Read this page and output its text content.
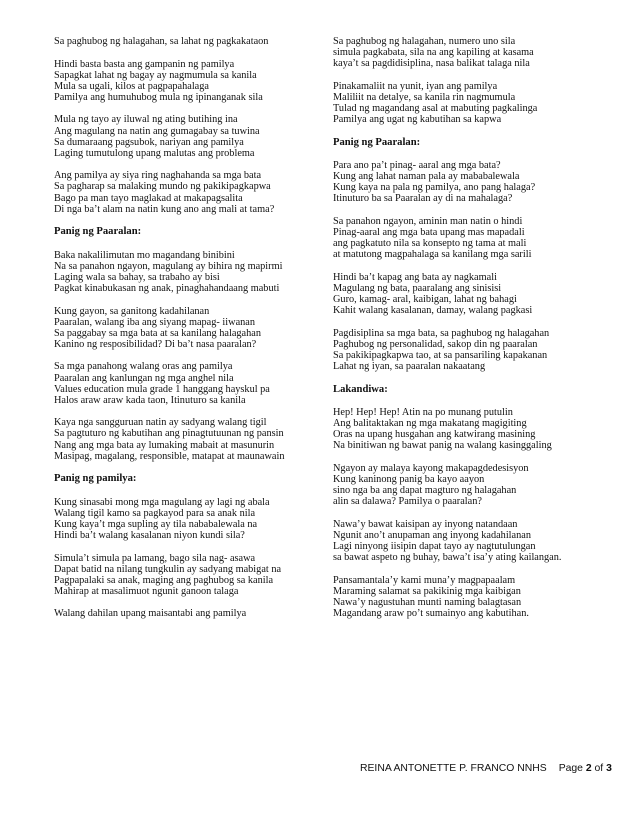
Sa paghubog ng halagahan, sa lahat ng pagkakataon
Hindi basta basta ang gampanin ng pamilya
Sapagkat lahat ng bagay ay nagmumula sa kanila
Mula sa ugali, kilos at pagpapahalaga
Pamilya ang humuhubog mula ng ipinanganak sila
Mula ng tayo ay iluwal ng ating butihing ina
Ang magulang na natin ang gumagabay sa tuwina
Sa dumaraang pagsubok, nariyan ang pamilya
Laging tumutulong upang malutas ang problema
Ang pamilya ay siya ring naghahanda sa mga bata
Sa pagharap sa malaking mundo ng pakikipagkapwa
Bago pa man tayo maglakad at makapagsalita
Di nga ba’t alam na natin kung ano ang mali at tama?
Panig ng Paaralan:
Baka nakalilimutan mo magandang binibini
Na sa panahon ngayon, magulang ay bihira ng mapirmi
Laging wala sa bahay, sa trabaho ay bisi
Pagkat kinabukasan ng anak, pinaghahandaang mabuti
Kung gayon, sa ganitong kadahilanan
Paaralan, walang iba ang siyang mapag- iiwanan
Sa paggabay sa mga bata at sa kanilang halagahan
Kanino ng resposibilidad? Di ba’t nasa paaralan?
Sa mga panahong walang oras ang pamilya
Paaralan ang kanlungan ng mga anghel nila
Values education mula grade 1 hanggang hayskul pa
Halos araw araw kada taon, Itinuturo sa kanila
Kaya nga sangguruan natin ay sadyang walang tigil
Sa pagtuturo ng kabutihan ang pinagtutuunan ng pansin
Nang ang mga bata ay lumaking mabait at masunurin
Masipag, magalang, responsible, matapat at maunawain
Panig ng pamilya:
Kung sinasabi mong mga magulang ay lagi ng abala
Walang tigil kamo sa pagkayod para sa anak nila
Kung kaya’t mga supling ay tila nababalewala na
Hindi ba’t walang kasalanan niyon kundi sila?
Simula’t simula pa lamang, bago sila nag- asawa
Dapat batid na nilang tungkulin ay sadyang mabigat na
Pagpapalaki sa anak, maging ang paghubog sa kanila
Mahirap at masalimuot ngunit ganoon talaga
Walang dahilan upang maisantabi ang pamilya
Sa paghubog ng halagahan, numero uno sila
simula pagkabata, sila na ang kapiling at kasama
kaya’t sa pagdidisiplina, nasa balikat talaga nila
Pinakamaliit na yunit, iyan ang pamilya
Maliliit na detalye, sa kanila rin nagmumula
Tulad ng magandang asal at mabuting pagkalinga
Pamilya ang ugat ng kabutihan sa kapwa
Panig ng Paaralan:
Para ano pa’t pinag- aaral ang mga bata?
Kung ang lahat naman pala ay mababalewala
Kung kaya na pala ng pamilya, ano pang halaga?
Itinuturo ba sa Paaralan ay di na mahalaga?
Sa panahon ngayon, aminin man natin o hindi
Pinag-aaral ang mga bata upang mas mapadali
ang pagkatuto nila sa konsepto ng tama at mali
at matutong magpahalaga sa kanilang mga sarili
Hindi ba’t kapag ang bata ay nagkamali
Magulang ng bata, paaralang ang sinisisi
Guro, kamag- aral, kaibigan, lahat ng bahagi
Kahit walang kasalanan, damay, walang pagkasi
Pagdisiplina sa mga bata, sa paghubog ng halagahan
Paghubog ng personalidad, sakop din ng paaralan
Sa pakikipagkapwa tao, at sa pansariling kapakanan
Lahat ng iyan, sa paaralan nakaatang
Lakandiwa:
Hep! Hep! Hep! Atin na po munang putulin
Ang balitaktakan ng mga makatang magigiting
Oras na upang husgahan ang katwirang masining
Na binitiwan ng bawat panig na walang kasinggaling
Ngayon ay malaya kayong makapagdedesisyon
Kung kaninong panig ba kayo aayon
sino nga ba ang dapat magturo ng halagahan
alin sa dalawa? Pamilya o paaralan?
Nawa’y bawat kaisipan ay inyong natandaan
Ngunit ano’t anupaman ang inyong kadahilanan
Lagi ninyong iisipin dapat tayo ay nagtutulungan
sa bawat aspeto ng buhay, bawa’t isa’y ating kailangan.
Pansamantala’y kami muna’y magpapaalam
Maraming salamat sa pakikinig mga kaibigan
Nawa’y nagustuhan munti naming balagtasan
Magandang araw po’t sumainyo ang kabutihan.
REINA ANTONETTE P. FRANCO NNHS Page 2 of 3
